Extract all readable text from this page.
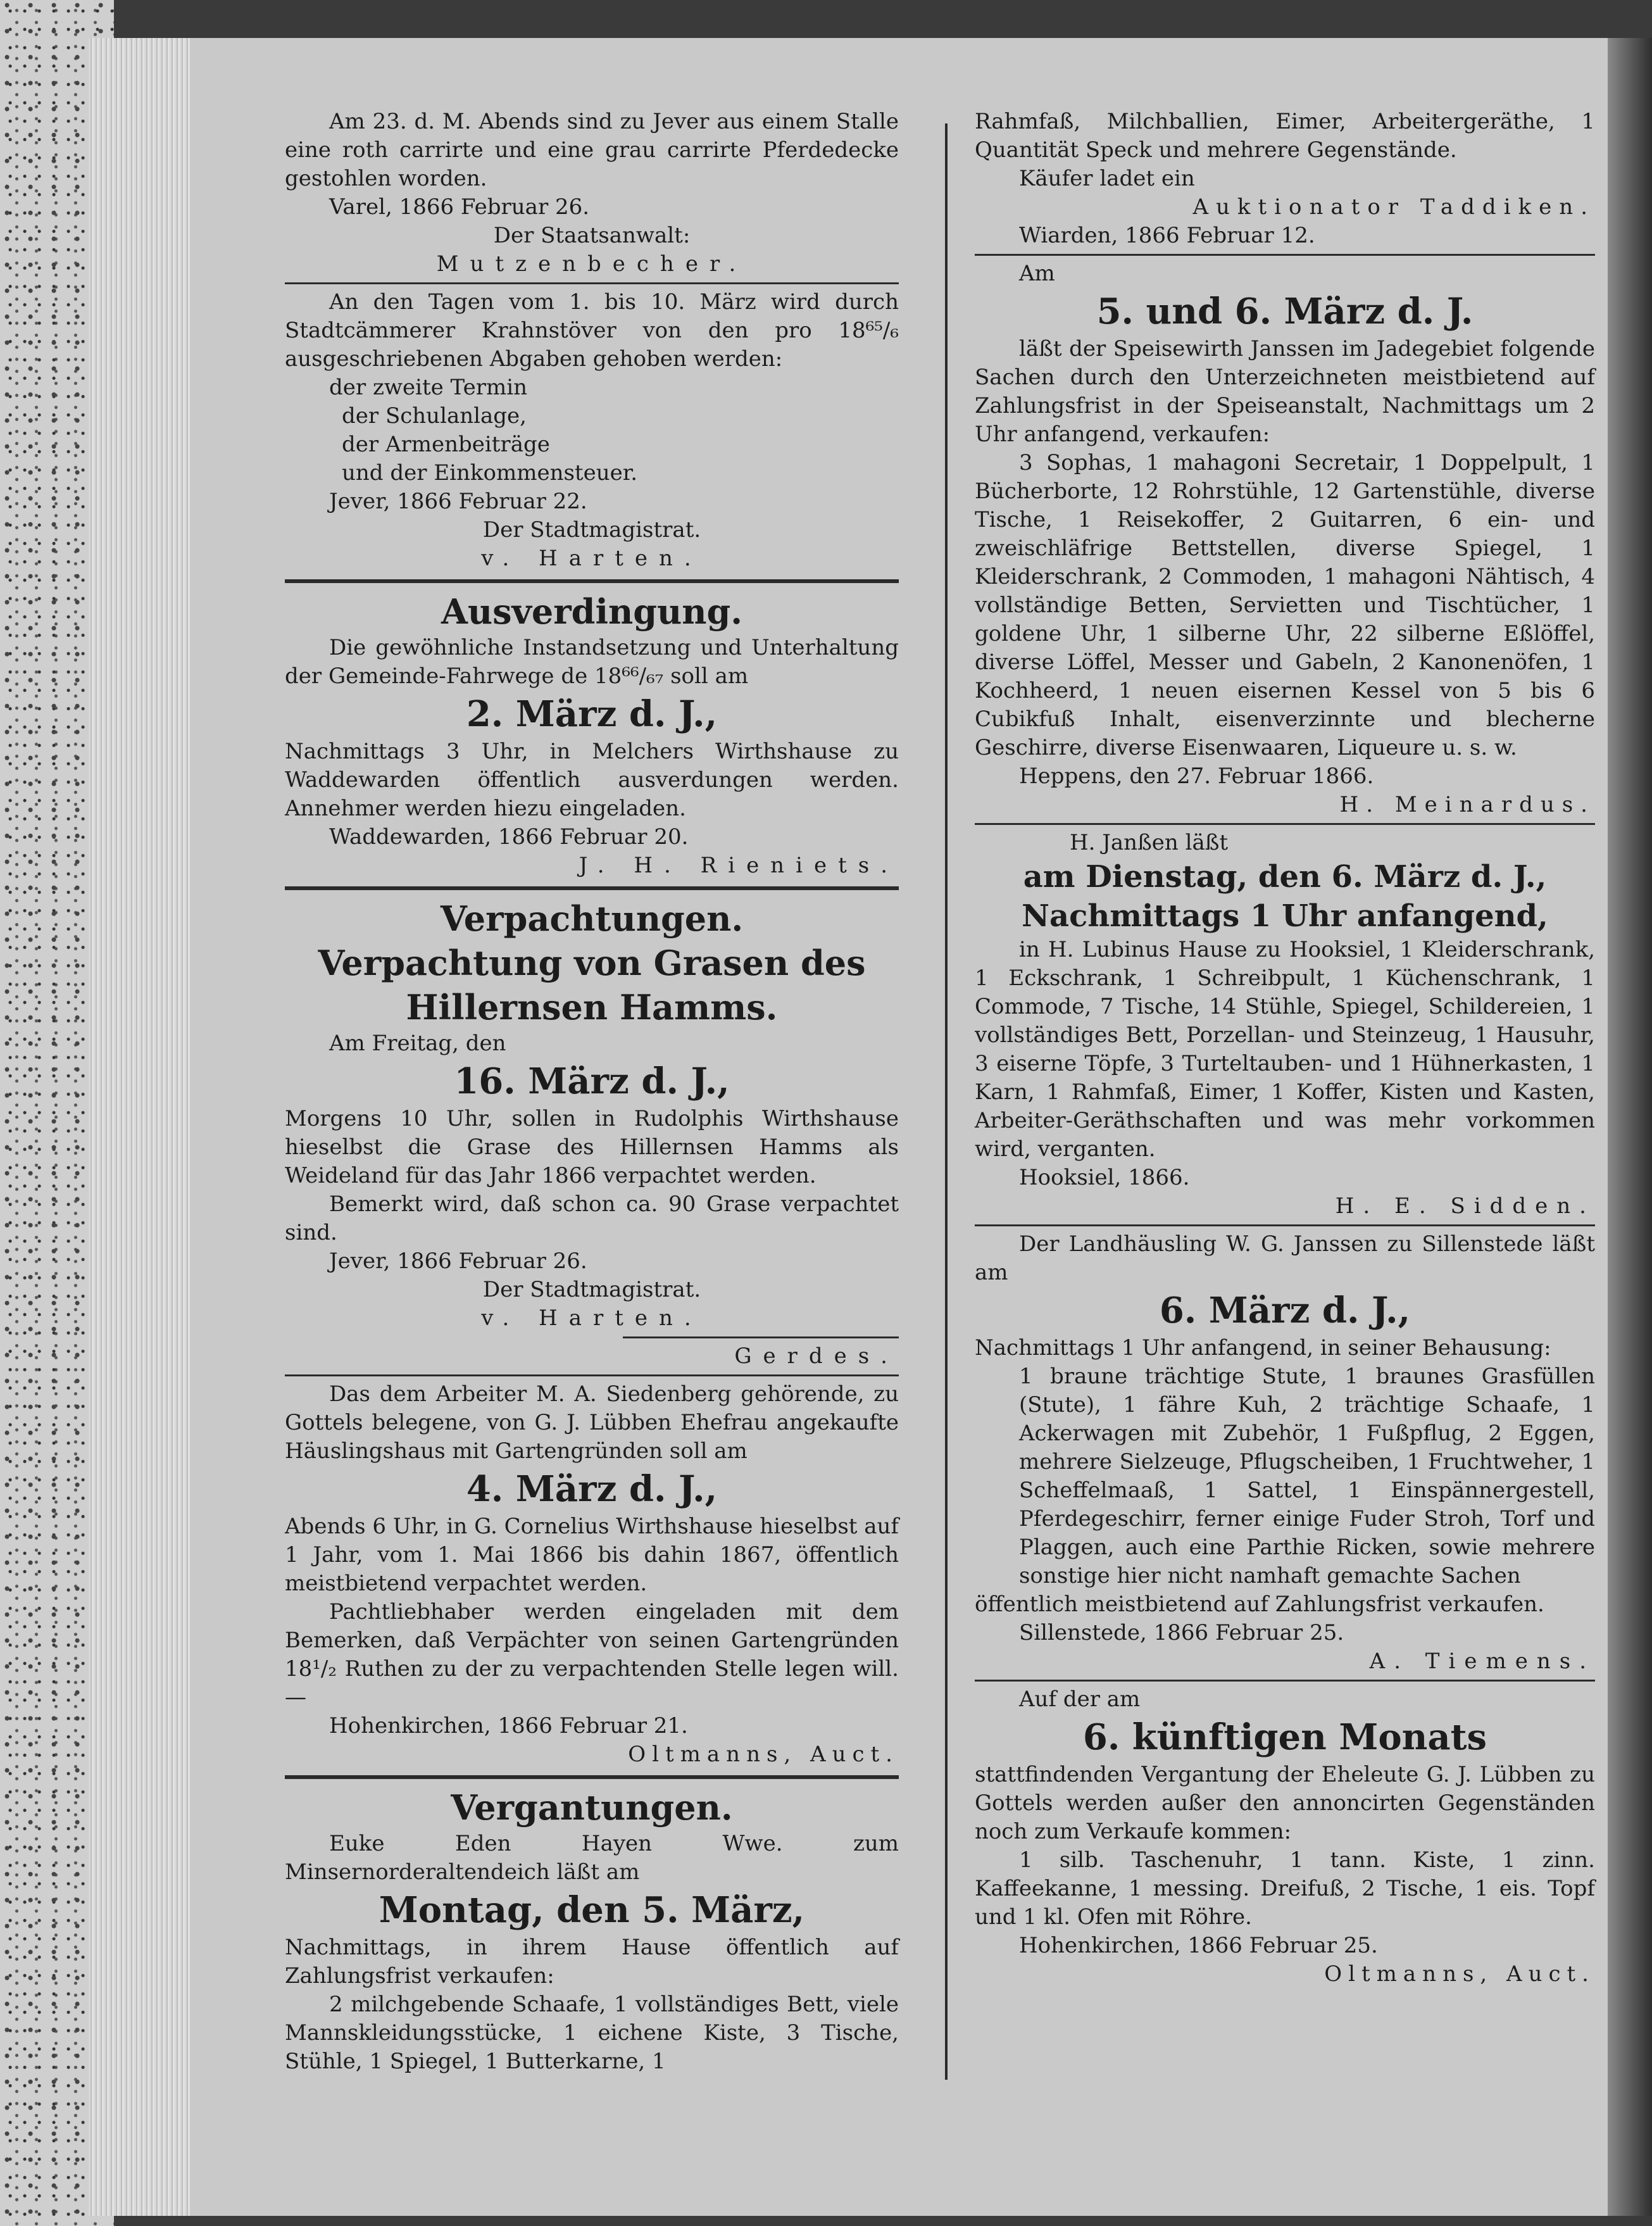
Am 23. d. M. Abends sind zu Jever aus einem Stalle eine roth carrirte und eine grau carrirte Pferdedecke gestohlen worden.

Varel, 1866 Februar 26.

Der Staatsanwalt:

Mutzenbecher.

An den Tagen vom 1. bis 10. März wird durch Stadtcämmerer Krahnstöver von den pro 18⁶⁵/₆ ausgeschriebenen Abgaben gehoben werden:

der zweite Termin

der Schulanlage,

der Armenbeiträge

und der Einkommensteuer.

Jever, 1866 Februar 22.

Der Stadtmagistrat.

v. Harten.

Ausverdingung.

Die gewöhnliche Instandsetzung und Unterhaltung der Gemeinde-Fahrwege de 18⁶⁶/₆₇ soll am

2. März d. J.,

Nachmittags 3 Uhr, in Melchers Wirthshause zu Waddewarden öffentlich ausverdungen werden. Annehmer werden hiezu eingeladen.

Waddewarden, 1866 Februar 20.

J. H. Rieniets.

Verpachtungen.

Verpachtung von Grasen des

Hillernsen Hamms.

Am Freitag, den

16. März d. J.,

Morgens 10 Uhr, sollen in Rudolphis Wirthshause hieselbst die Grase des Hillernsen Hamms als Weideland für das Jahr 1866 verpachtet werden.

Bemerkt wird, daß schon ca. 90 Grase verpachtet sind.

Jever, 1866 Februar 26.

Der Stadtmagistrat.

v. Harten.

Gerdes.

Das dem Arbeiter M. A. Siedenberg gehörende, zu Gottels belegene, von G. J. Lübben Ehefrau angekaufte Häuslingshaus mit Gartengründen soll am

4. März d. J.,

Abends 6 Uhr, in G. Cornelius Wirthshause hieselbst auf 1 Jahr, vom 1. Mai 1866 bis dahin 1867, öffentlich meistbietend verpachtet werden.

Pachtliebhaber werden eingeladen mit dem Bemerken, daß Verpächter von seinen Gartengründen 18¹/₂ Ruthen zu der zu verpachtenden Stelle legen will. —

Hohenkirchen, 1866 Februar 21.

Oltmanns, Auct.

Vergantungen.

Euke Eden Hayen Wwe. zum Minsernorderaltendeich läßt am

Montag, den 5. März,

Nachmittags, in ihrem Hause öffentlich auf Zahlungsfrist verkaufen:

2 milchgebende Schaafe, 1 vollständiges Bett, viele Mannskleidungsstücke, 1 eichene Kiste, 3 Tische, Stühle, 1 Spiegel, 1 Butterkarne, 1

Rahmfaß, Milchballien, Eimer, Arbeitergeräthe, 1 Quantität Speck und mehrere Gegenstände.

Käufer ladet ein

Auktionator Taddiken.

Wiarden, 1866 Februar 12.

Am

5. und 6. März d. J.

läßt der Speisewirth Janssen im Jadegebiet folgende Sachen durch den Unterzeichneten meistbietend auf Zahlungsfrist in der Speiseanstalt, Nachmittags um 2 Uhr anfangend, verkaufen:

3 Sophas, 1 mahagoni Secretair, 1 Doppelpult, 1 Bücherborte, 12 Rohrstühle, 12 Gartenstühle, diverse Tische, 1 Reisekoffer, 2 Guitarren, 6 ein- und zweischläfrige Bettstellen, diverse Spiegel, 1 Kleiderschrank, 2 Commoden, 1 mahagoni Nähtisch, 4 vollständige Betten, Servietten und Tischtücher, 1 goldene Uhr, 1 silberne Uhr, 22 silberne Eßlöffel, diverse Löffel, Messer und Gabeln, 2 Kanonenöfen, 1 Kochheerd, 1 neuen eisernen Kessel von 5 bis 6 Cubikfuß Inhalt, eisenverzinnte und blecherne Geschirre, diverse Eisenwaaren, Liqueure u. s. w.

Heppens, den 27. Februar 1866.

H. Meinardus.

H. Janßen läßt

am Dienstag, den 6. März d. J.,

Nachmittags 1 Uhr anfangend,

in H. Lubinus Hause zu Hooksiel, 1 Kleiderschrank, 1 Eckschrank, 1 Schreibpult, 1 Küchenschrank, 1 Commode, 7 Tische, 14 Stühle, Spiegel, Schildereien, 1 vollständiges Bett, Porzellan- und Steinzeug, 1 Hausuhr, 3 eiserne Töpfe, 3 Turteltauben- und 1 Hühnerkasten, 1 Karn, 1 Rahmfaß, Eimer, 1 Koffer, Kisten und Kasten, Arbeiter-Geräthschaften und was mehr vorkommen wird, verganten.

Hooksiel, 1866.

H. E. Sidden.

Der Landhäusling W. G. Janssen zu Sillenstede läßt am

6. März d. J.,

Nachmittags 1 Uhr anfangend, in seiner Behausung:

1 braune trächtige Stute, 1 braunes Grasfüllen (Stute), 1 fähre Kuh, 2 trächtige Schaafe, 1 Ackerwagen mit Zubehör, 1 Fußpflug, 2 Eggen, mehrere Sielzeuge, Pflugscheiben, 1 Fruchtweher, 1 Scheffelmaaß, 1 Sattel, 1 Einspännergestell, Pferdegeschirr, ferner einige Fuder Stroh, Torf und Plaggen, auch eine Parthie Ricken, sowie mehrere sonstige hier nicht namhaft gemachte Sachen

öffentlich meistbietend auf Zahlungsfrist verkaufen.

Sillenstede, 1866 Februar 25.

A. Tiemens.

Auf der am

6. künftigen Monats

stattfindenden Vergantung der Eheleute G. J. Lübben zu Gottels werden außer den annoncirten Gegenständen noch zum Verkaufe kommen:

1 silb. Taschenuhr, 1 tann. Kiste, 1 zinn. Kaffeekanne, 1 messing. Dreifuß, 2 Tische, 1 eis. Topf und 1 kl. Ofen mit Röhre.

Hohenkirchen, 1866 Februar 25.

Oltmanns, Auct.
